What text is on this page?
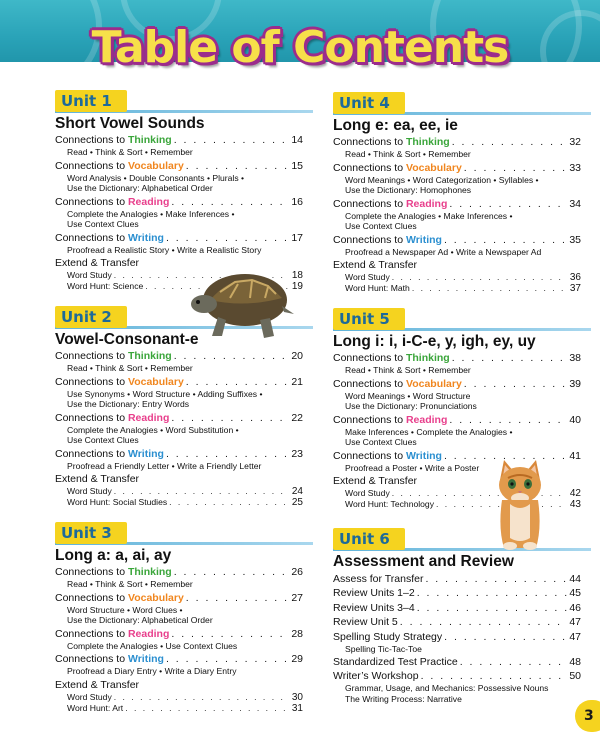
Table of Contents
Unit 1
Short Vowel Sounds
Connections to Thinking . . .	14
Read • Think & Sort • Remember
Connections to Vocabulary . . .	15
Word Analysis • Double Consonants • Plurals •
Use the Dictionary: Alphabetical Order
Connections to Reading . . .	16
Complete the Analogies • Make Inferences •
Use Context Clues
Connections to Writing . . .	17
Proofread a Realistic Story • Write a Realistic Story
Extend & Transfer
Word Study . . .	18
Word Hunt: Science . . .	19
Unit 2
Vowel-Consonant-e
Connections to Thinking . . .	20
Read • Think & Sort • Remember
Connections to Vocabulary . . .	21
Use Synonyms • Word Structure • Adding Suffixes •
Use the Dictionary: Entry Words
Connections to Reading . . .	22
Complete the Analogies • Word Substitution •
Use Context Clues
Connections to Writing . . .	23
Proofread a Friendly Letter • Write a Friendly Letter
Extend & Transfer
Word Study . . .	24
Word Hunt: Social Studies . . .	25
Unit 3
Long a: a, ai, ay
Connections to Thinking . . .	26
Read • Think & Sort • Remember
Connections to Vocabulary . . .	27
Word Structure • Word Clues •
Use the Dictionary: Alphabetical Order
Connections to Reading . . .	28
Complete the Analogies • Use Context Clues
Connections to Writing . . .	29
Proofread a Diary Entry • Write a Diary Entry
Extend & Transfer
Word Study . . .	30
Word Hunt: Art . . .	31
Unit 4
Long e: ea, ee, ie
Connections to Thinking . . .	32
Read • Think & Sort • Remember
Connections to Vocabulary . . .	33
Word Meanings • Word Categorization • Syllables •
Use the Dictionary: Homophones
Connections to Reading . . .	34
Complete the Analogies • Make Inferences •
Use Context Clues
Connections to Writing . . .	35
Proofread a Newspaper Ad • Write a Newspaper Ad
Extend & Transfer
Word Study . . .	36
Word Hunt: Math . . .	37
Unit 5
Long i: i, i-C-e, y, igh, ey, uy
Connections to Thinking . . .	38
Read • Think & Sort • Remember
Connections to Vocabulary . . .	39
Word Meanings • Word Structure
Use the Dictionary: Pronunciations
Connections to Reading . . .	40
Make Inferences • Complete the Analogies •
Use Context Clues
Connections to Writing . . .	41
Proofread a Poster • Write a Poster
Extend & Transfer
Word Study . . .	42
Word Hunt: Technology . . .	43
Unit 6
Assessment and Review
Assess for Transfer . . .	44
Review Units 1–2 . . .	45
Review Units 3–4 . . .	46
Review Unit 5 . . .	47
Spelling Study Strategy . . .	47
Spelling Tic-Tac-Toe
Standardized Test Practice . . .	48
Writer’s Workshop . . .	50
Grammar, Usage, and Mechanics: Possessive Nouns
The Writing Process: Narrative
3
